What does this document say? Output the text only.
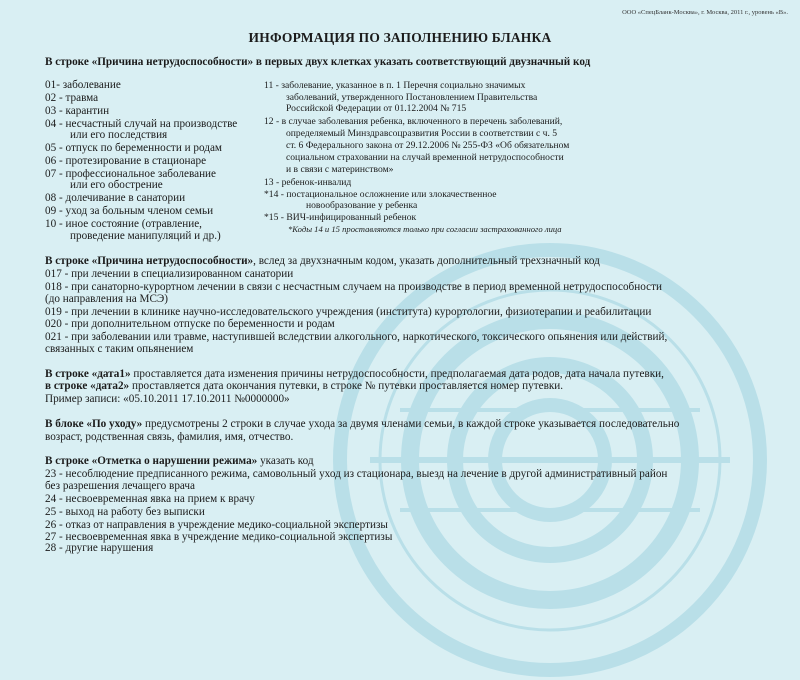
ООО «СпецБланк-Москва», г. Москва, 2011 г., уровень «В».
ИНФОРМАЦИЯ ПО ЗАПОЛНЕНИЮ БЛАНКА
В строке «Причина нетрудоспособности» в первых двух клетках указать соответствующий двузначный код
01- заболевание
02 - травма
03 - карантин
04 - несчастный случай на производстве
или его последствия
05 - отпуск по беременности и родам
06 - протезирование в стационаре
07 - профессиональное заболевание
или его обострение
08 - долечивание в санатории
09 - уход за больным членом семьи
10 - иное состояние (отравление,
проведение манипуляций и др.)
11 - заболевание, указанное в п. 1 Перечня социально значимых
заболеваний, утвержденного Постановлением Правительства
Российской Федерации от 01.12.2004 № 715
12 - в случае заболевания ребенка, включенного в перечень заболеваний,
определяемый Минздравсоцразвития России в соответствии с ч. 5
ст. 6 Федерального закона от 29.12.2006 № 255-ФЗ «Об обязательном
социальном страховании на случай временной нетрудоспособности
и в связи с материнством»
13 - ребенок-инвалид
*14 - постациональное осложнение или злокачественное
новообразование у ребенка
*15 - ВИЧ-инфицированный ребенок
*Коды 14 и 15 проставляются только при согласии застрахованного лица
В строке «Причина нетрудоспособности», вслед за двухзначным кодом, указать дополнительный трехзначный код
017 - при лечении в специализированном санатории
018 - при санаторно-курортном лечении в связи с несчастным случаем на производстве в период временной нетрудоспособности
(до направления на МСЭ)
019 - при лечении в клинике научно-исследовательского учреждения (института) курортологии, физиотерапии и реабилитации
020 - при дополнительном отпуске по беременности и родам
021 - при заболевании или травме, наступившей вследствии алкогольного, наркотического, токсического опьянения или действий,
связанных с таким опьянением
В строке «дата1» проставляется дата изменения причины нетрудоспособности, предполагаемая дата родов, дата начала путевки,
в строке «дата2» проставляется дата окончания путевки, в строке № путевки проставляется номер путевки.
Пример записи: «05.10.2011 17.10.2011 №0000000»
В блоке «По уходу» предусмотрены 2 строки в случае ухода за двумя членами семьи, в каждой строке указывается последовательно
возраст, родственная связь, фамилия, имя, отчество.
В строке «Отметка о нарушении режима» указать код
23 - несоблюдение предписанного режима, самовольный уход из стационара, выезд на лечение в другой административный район
без разрешения лечащего врача
24 - несвоевременная явка на прием к врачу
25 - выход на работу без выписки
26 - отказ от направления в учреждение медико-социальной экспертизы
27 - несвоевременная явка в учреждение медико-социальной экспертизы
28 - другие нарушения
